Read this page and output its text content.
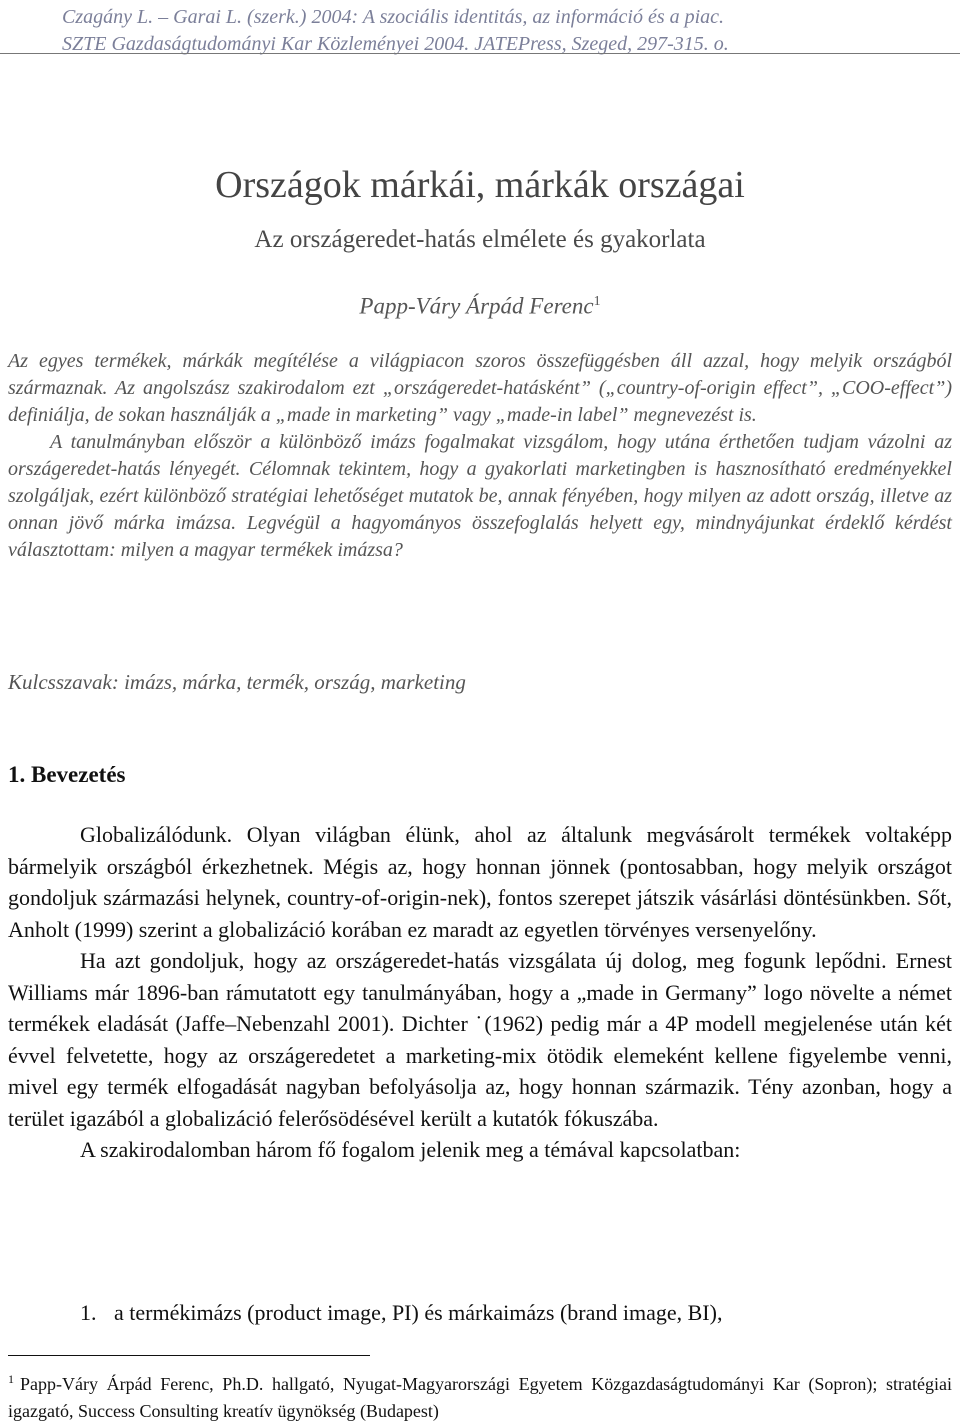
Czagány L. – Garai L. (szerk.) 2004: A szociális identitás, az információ és a piac.
SZTE Gazdaságtudományi Kar Közleményei 2004. JATEPress, Szeged, 297-315. o.
Országok márkái, márkák országai
Az országeredet-hatás elmélete és gyakorlata
Papp-Váry Árpád Ferenc$^1$

Az egyes termékek, márkák megítélése a világpiacon szoros összefüggésben áll azzal, hogy melyik országból származnak. Az angolszász szakirodalom ezt „országeredet-hatásként” („country-of-origin effect”, „COO-effect”) definiálja, de sokan használják a „made in marketing” vagy „made-in label” megnevezést is.

A tanulmányban először a különböző imázs fogalmakat vizsgálom, hogy utána érthetően tudjam vázolni az országeredet-hatás lényegét. Célomnak tekintem, hogy a gyakorlati marketingben is hasznosítható eredményekkel szolgáljak, ezért különböző stratégiai lehetőséget mutatok be, annak fényében, hogy milyen az adott ország, illetve az onnan jövő márka imázsa. Legvégül a hagyományos összefoglalás helyett egy, mindnyájunkat érdeklő kérdést választottam: milyen a magyar termékek imázsa?

Kulcsszavak: imázs, márka, termék, ország, marketing
1. Bevezetés

Globalizálódunk. Olyan világban élünk, ahol az általunk megvásárolt termékek voltaképp bármelyik országból érkezhetnek. Mégis az, hogy honnan jönnek (pontosabban, hogy melyik országot gondoljuk származási helynek, country-of-origin-nek), fontos szerepet játszik vásárlási döntésünkben. Sőt, Anholt (1999) szerint a globalizáció korában ez maradt az egyetlen törvényes versenyelőny.

Ha azt gondoljuk, hogy az országeredet-hatás vizsgálata új dolog, meg fogunk lepődni. Ernest Williams már 1896-ban rámutatott egy tanulmányában, hogy a „made in Germany” logo növelte a német termékek eladását (Jaffe–Nebenzahl 2001). Dichter ˙(1962) pedig már a 4P modell megjelenése után két évvel felvetette, hogy az országeredetet a marketing-mix ötödik elemeként kellene figyelembe venni, mivel egy termék elfogadását nagyban befolyásolja az, hogy honnan származik. Tény azonban, hogy a terület igazából a globalizáció felerősödésével került a kutatók fókuszába.

A szakirodalomban három fő fogalom jelenik meg a témával kapcsolatban:

1. a termékimázs (product image, PI) és márkaimázs (brand image, BI),
$^1$ Papp-Váry Árpád Ferenc, Ph.D. hallgató, Nyugat-Magyarországi Egyetem Közgazdaságtudományi Kar (Sopron); stratégiai igazgató, Success Consulting kreatív ügynökség (Budapest)
